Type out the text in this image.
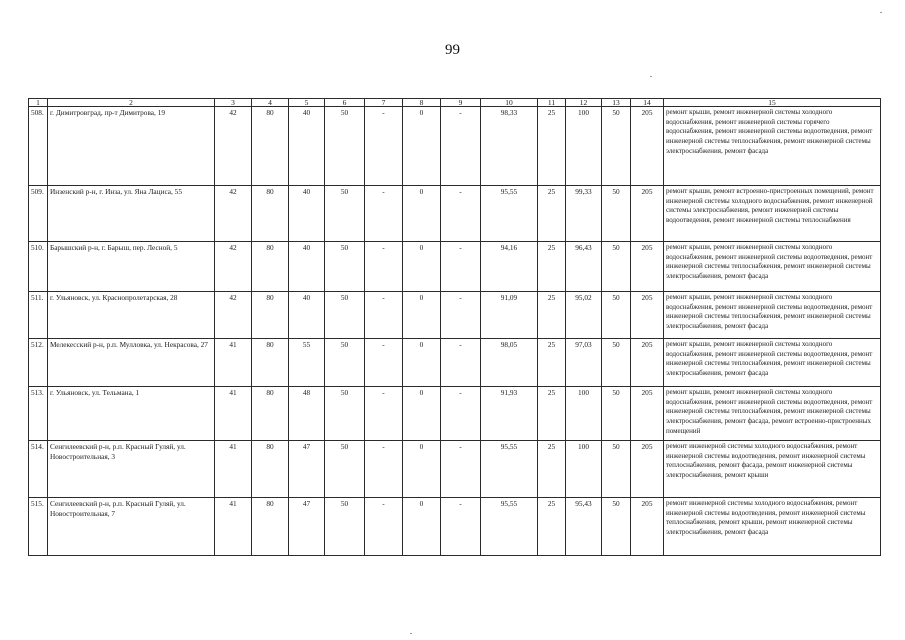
99
1	2	3	4	5	6	7	8	9	10	11	12	13	14	15
508.	г. Димитровград, пр-т Димитрова, 19	42	80	40	50	-	0	-	98,33	25	100	50	205	ремонт крыши, ремонт инженерной системы холодного водоснабжения, ремонт инженерной системы горячего водоснабжения, ремонт инженерной системы водоотведения, ремонт инженерной системы теплоснабжения, ремонт инженерной системы электроснабжения, ремонт фасада
509.	Инзенский р-н, г. Инза, ул. Яна Лациса, 55	42	80	40	50	-	0	-	95,55	25	99,33	50	205	ремонт крыши, ремонт встроенно-пристроенных помещений, ремонт инженерной системы холодного водоснабжения, ремонт инженерной системы электроснабжения, ремонт инженерной системы водоотведения, ремонт инженерной системы теплоснабжения
510.	Барышский р-н, г. Барыш, пер. Лесной, 5	42	80	40	50	-	0	-	94,16	25	96,43	50	205	ремонт крыши, ремонт инженерной системы холодного водоснабжения, ремонт инженерной системы водоотведения, ремонт инженерной системы теплоснабжения, ремонт инженерной системы электроснабжения, ремонт фасада
511.	г. Ульяновск, ул. Краснопролетарская, 28	42	80	40	50	-	0	-	91,09	25	95,02	50	205	ремонт крыши, ремонт инженерной системы холодного водоснабжения, ремонт инженерной системы водоотведения, ремонт инженерной системы теплоснабжения, ремонт инженерной системы электроснабжения, ремонт фасада
512.	Мелекесский р-н, р.п. Мулловка, ул. Некрасова, 27	41	80	55	50	-	0	-	98,05	25	97,03	50	205	ремонт крыши, ремонт инженерной системы холодного водоснабжения, ремонт инженерной системы водоотведения, ремонт инженерной системы теплоснабжения, ремонт инженерной системы электроснабжения, ремонт фасада
513.	г. Ульяновск, ул. Тельмана, 1	41	80	48	50	-	0	-	91,93	25	100	50	205	ремонт крыши, ремонт инженерной системы холодного водоснабжения, ремонт инженерной системы водоотведения, ремонт инженерной системы теплоснабжения, ремонт инженерной системы электроснабжения, ремонт фасада, ремонт встроенно-пристроенных помещений
514.	Сенгилеевский р-н, р.п. Красный Гуляй, ул. Новостроительная, 3	41	80	47	50	-	0	-	95,55	25	100	50	205	ремонт инженерной системы холодного водоснабжения, ремонт инженерной системы водоотведения, ремонт инженерной системы теплоснабжения, ремонт фасада, ремонт инженерной системы электроснабжения, ремонт крыши
515.	Сенгилеевский р-н, р.п. Красный Гуляй, ул. Новостроительная, 7	41	80	47	50	-	0	-	95,55	25	95,43	50	205	ремонт инженерной системы холодного водоснабжения, ремонт инженерной системы водоотведения, ремонт инженерной системы теплоснабжения, ремонт крыши, ремонт инженерной системы электроснабжения, ремонт фасада
